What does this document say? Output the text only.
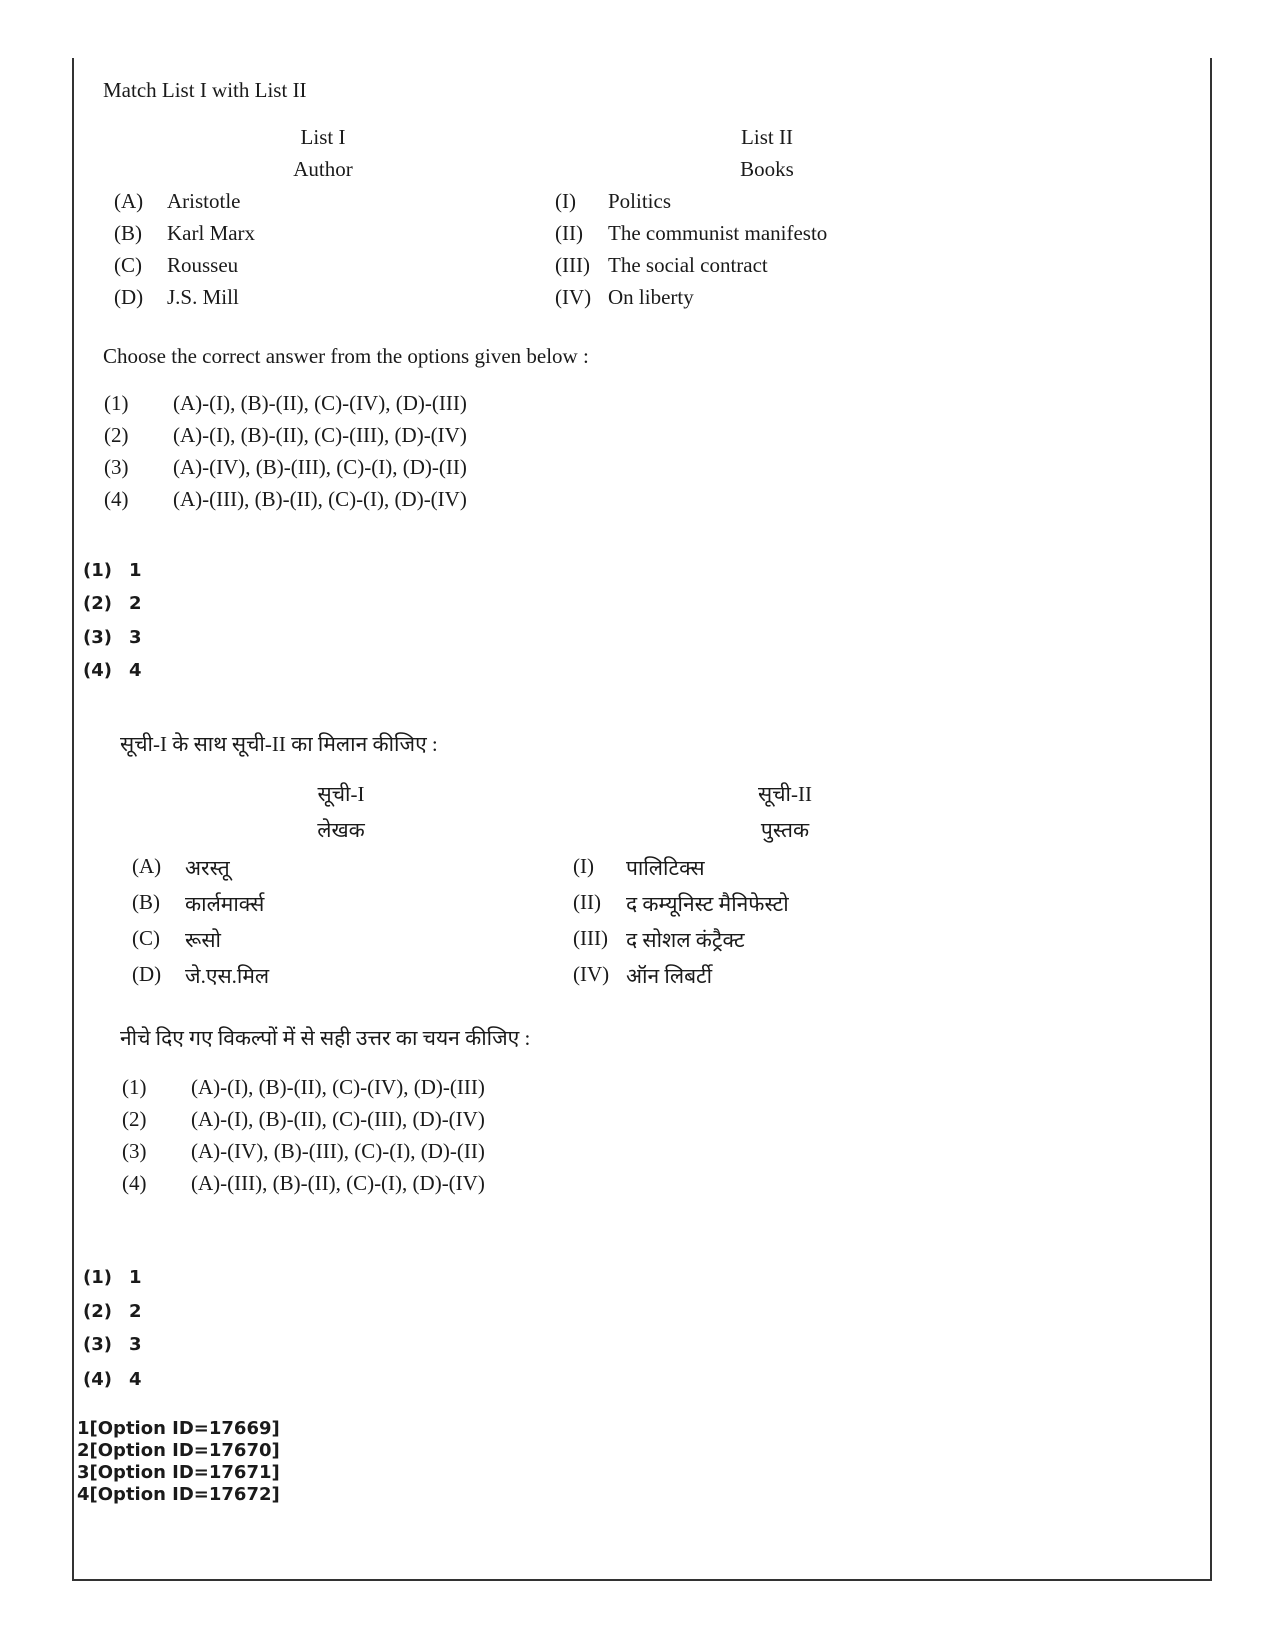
Match List I with List II
List I
Author
List II
Books
(A) Aristotle
(B) Karl Marx
(C) Rousseu
(D) J.S. Mill
(I) Politics
(II) The communist manifesto
(III) The social contract
(IV) On liberty
Choose the correct answer from the options given below :
(1) (A)-(I), (B)-(II), (C)-(IV), (D)-(III)
(2) (A)-(I), (B)-(II), (C)-(III), (D)-(IV)
(3) (A)-(IV), (B)-(III), (C)-(I), (D)-(II)
(4) (A)-(III), (B)-(II), (C)-(I), (D)-(IV)
(1) 1
(2) 2
(3) 3
(4) 4
सूची-I के साथ सूची-II का मिलान कीजिए :
सूची-I
लेखक
सूची-II
पुस्तक
(A) अरस्तू
(B) कार्लमार्क्स
(C) रूसो
(D) जे.एस.मिल
(I) पालिटिक्स
(II) द कम्यूनिस्ट मैनिफेस्टो
(III) द सोशल कंट्रैक्ट
(IV) ऑन लिबर्टी
नीचे दिए गए विकल्पों में से सही उत्तर का चयन कीजिए :
(1) (A)-(I), (B)-(II), (C)-(IV), (D)-(III)
(2) (A)-(I), (B)-(II), (C)-(III), (D)-(IV)
(3) (A)-(IV), (B)-(III), (C)-(I), (D)-(II)
(4) (A)-(III), (B)-(II), (C)-(I), (D)-(IV)
(1) 1
(2) 2
(3) 3
(4) 4
1[Option ID=17669]
2[Option ID=17670]
3[Option ID=17671]
4[Option ID=17672]
